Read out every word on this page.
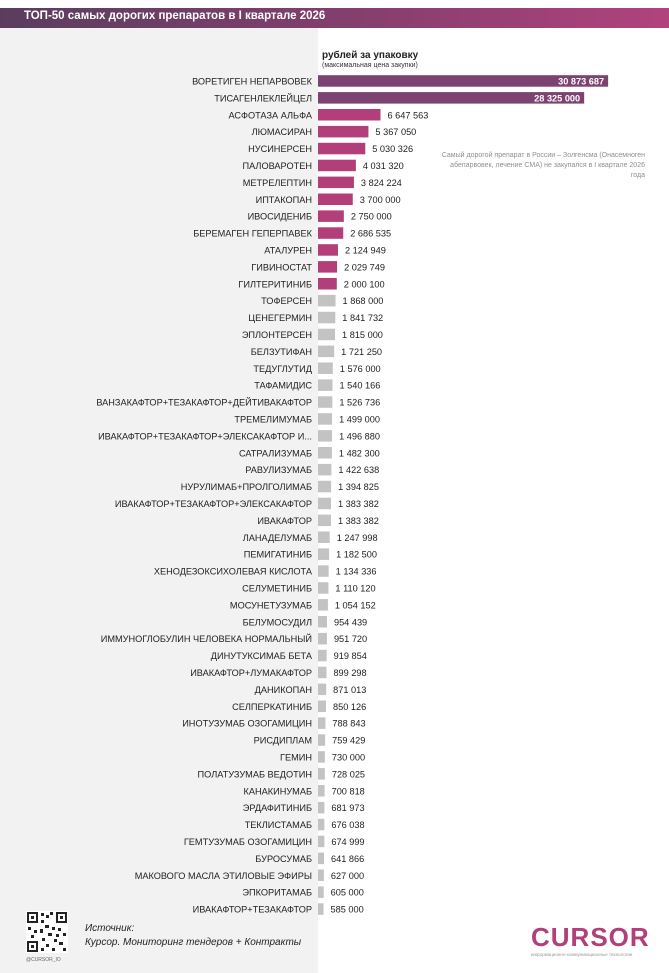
ТОП-50 самых дорогих препаратов в I квартале 2026
рублей за упаковку
(максимальная цена закупки)
ВОРЕТИГЕН НЕПАРВОВЕК	30 873 687
ТИСАГЕНЛЕКЛЕЙЦЕЛ	28 325 000
АСФОТАЗА АЛЬФА	6 647 563
ЛЮМАСИРАН	5 367 050
НУСИНЕРСЕН	5 030 326
ПАЛОВАРОТЕН	4 031 320
МЕТРЕЛЕПТИН	3 824 224
ИПТАКОПАН	3 700 000
ИВОСИДЕНИБ	2 750 000
БЕРЕМАГЕН ГЕПЕРПАВЕК	2 686 535
АТАЛУРЕН	2 124 949
ГИВИНОСТАТ	2 029 749
ГИЛТЕРИТИНИБ	2 000 100
ТОФЕРСЕН	1 868 000
ЦЕНЕГЕРМИН	1 841 732
ЭПЛОНТЕРСЕН	1 815 000
БЕЛЗУТИФАН	1 721 250
ТЕДУГЛУТИД	1 576 000
ТАФАМИДИС	1 540 166
ВАНЗАКАФТОР+ТЕЗАКАФТОР+ДЕЙТИВАКАФТОР	1 526 736
ТРЕМЕЛИМУМАБ	1 499 000
ИВАКАФТОР+ТЕЗАКАФТОР+ЭЛЕКСАКАФТОР И...	1 496 880
САТРАЛИЗУМАБ	1 482 300
РАВУЛИЗУМАБ	1 422 638
НУРУЛИМАБ+ПРОЛГОЛИМАБ	1 394 825
ИВАКАФТОР+ТЕЗАКАФТОР+ЭЛЕКСАКАФТОР	1 383 382
ИВАКАФТОР	1 383 382
ЛАНАДЕЛУМАБ	1 247 998
ПЕМИГАТИНИБ	1 182 500
ХЕНОДЕЗОКСИХОЛЕВАЯ КИСЛОТА	1 134 336
СЕЛУМЕТИНИБ	1 110 120
МОСУНЕТУЗУМАБ 1 054 152
БЕЛУМОСУДИЛ 954 439
ИММУНОГЛОБУЛИН ЧЕЛОВЕКА НОРМАЛЬНЫЙ 951 720
ДИНУТУКСИМАБ БЕТА 919 854
ИВАКАФТОР+ЛУМАКАФТОР 899 298
ДАНИКОПАН 871 013
СЕЛПЕРКАТИНИБ 850 126
ИНОТУЗУМАБ ОЗОГАМИЦИН 788 843
РИСДИПЛАМ 759 429
ГЕМИН 730 000
ПОЛАТУЗУМАБ ВЕДОТИН 728 025
КАНАКИНУМАБ 700 818
ЭРДАФИТИНИБ 681 973
ТЕКЛИСТАМАБ 676 038
ГЕМТУЗУМАБ ОЗОГАМИЦИН 674 999
БУРОСУМАБ 641 866
МАКОВОГО МАСЛА ЭТИЛОВЫЕ ЭФИРЫ 627 000
ЭПКОРИТАМАБ 605 000
ИВАКАФТОР+ТЕЗАКАФТОР 585 000
Самый дорогой препарат в России – Золгенсма (Онасемноген абепарвовек, лечение СМА) не закупался в I квартале 2026 года
@CURSOR_IO
Источник:
Курсор. Мониторинг тендеров + Контракты	CURSOR
информационно-коммуникационные технологии
